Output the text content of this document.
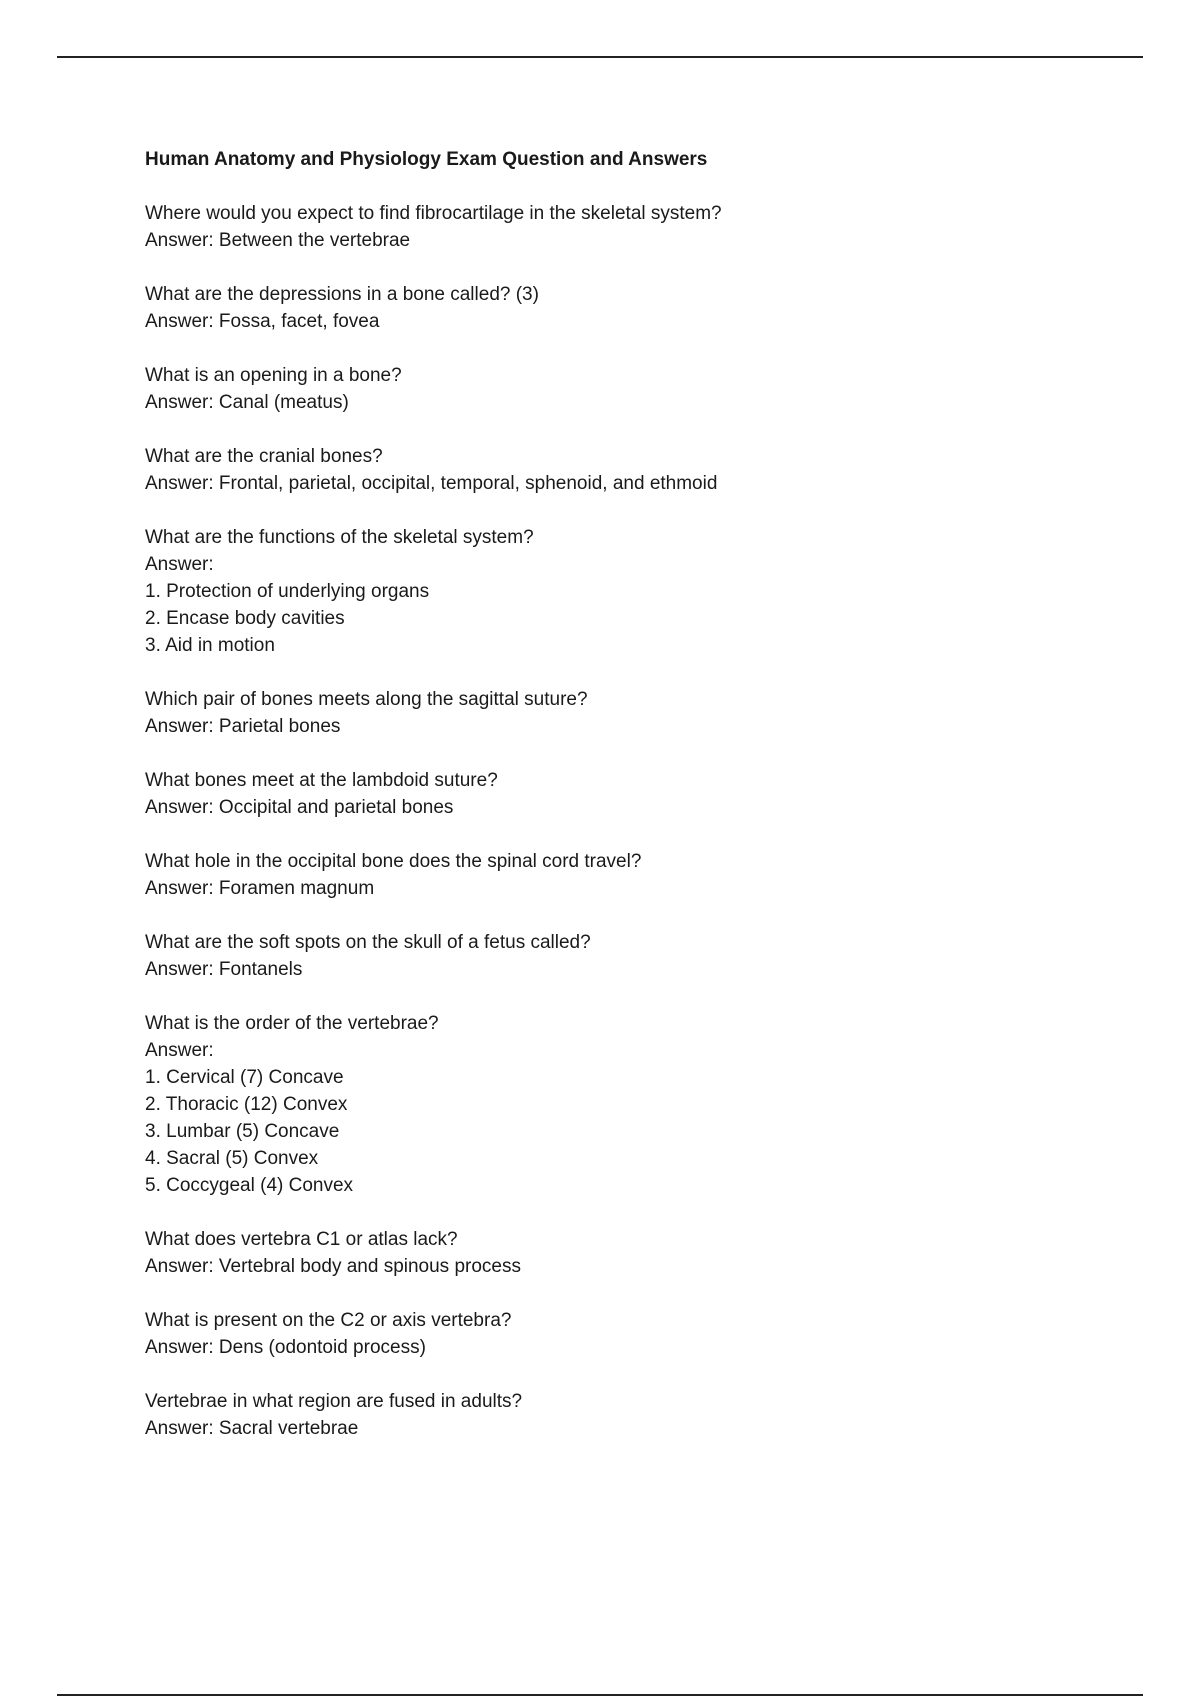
Human Anatomy and Physiology Exam Question and Answers
Where would you expect to find fibrocartilage in the skeletal system?
Answer: Between the vertebrae
What are the depressions in a bone called? (3)
Answer: Fossa, facet, fovea
What is an opening in a bone?
Answer: Canal (meatus)
What are the cranial bones?
Answer: Frontal, parietal, occipital, temporal, sphenoid, and ethmoid
What are the functions of the skeletal system?
Answer:
1. Protection of underlying organs
2. Encase body cavities
3. Aid in motion
Which pair of bones meets along the sagittal suture?
Answer: Parietal bones
What bones meet at the lambdoid suture?
Answer: Occipital and parietal bones
What hole in the occipital bone does the spinal cord travel?
Answer: Foramen magnum
What are the soft spots on the skull of a fetus called?
Answer: Fontanels
What is the order of the vertebrae?
Answer:
1. Cervical (7) Concave
2. Thoracic (12) Convex
3. Lumbar (5) Concave
4. Sacral (5) Convex
5. Coccygeal (4) Convex
What does vertebra C1 or atlas lack?
Answer: Vertebral body and spinous process
What is present on the C2 or axis vertebra?
Answer: Dens (odontoid process)
Vertebrae in what region are fused in adults?
Answer: Sacral vertebrae
